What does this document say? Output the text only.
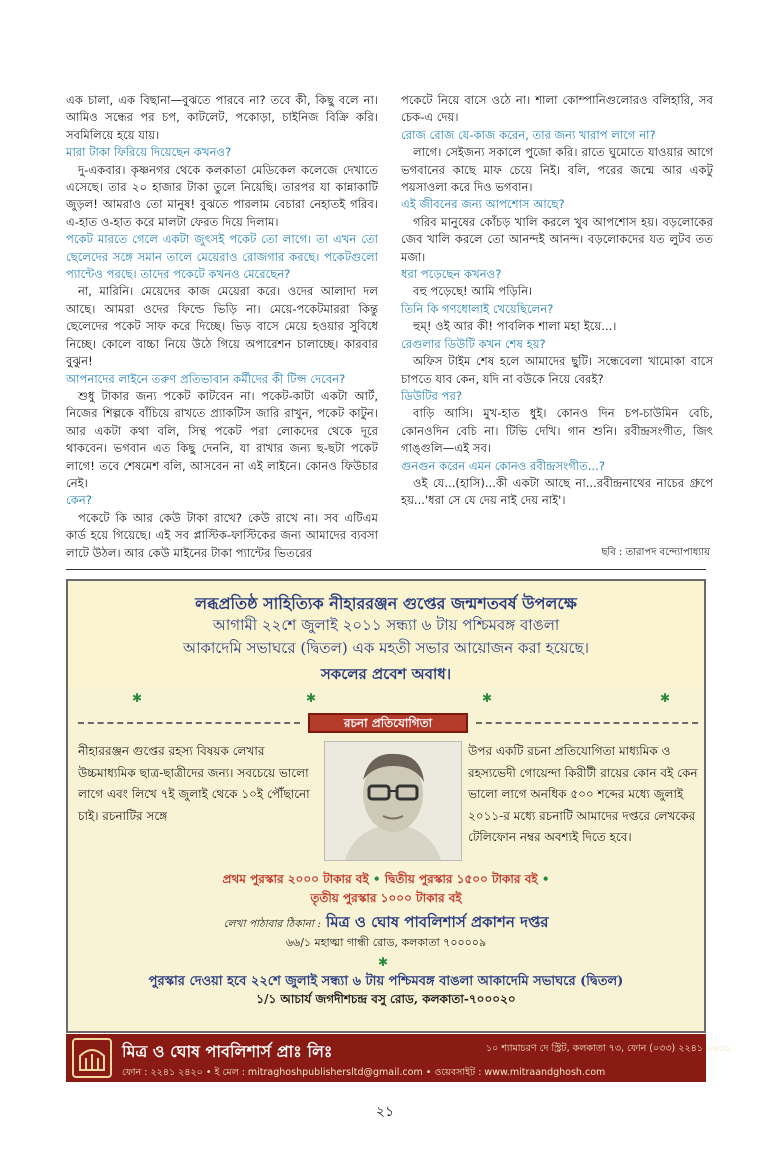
এক চালা, এক বিছানা—বুঝতে পারবে না? তবে কী, কিছু বলে না। আমিও সন্ধের পর চপ, কাটলেট, পকোড়া, চাইনিজ বিক্রি করি। সবমিলিয়ে হয়ে যায়।

মারা টাকা ফিরিয়ে দিয়েছেন কখনও?

দু-একবার। কৃষ্ণনগর থেকে কলকাতা মেডিকেল কলেজে দেখাতে এসেছে। তার ২০ হাজার টাকা তুলে নিয়েছি। তারপর যা কান্নাকাটি জুড়ল! আমরাও তো মানুষ! বুঝতে পারলাম বেচারা নেহাতই গরিব। এ-হাত ও-হাত করে মালটা ফেরত দিয়ে দিলাম।

পকেট মারতে গেলে একটা জুৎসই পকেট তো লাগে। তা এখন তো ছেলেদের সঙ্গে সমান তালে মেয়েরাও রোজগার করছে। পকেটগুলো প্যান্টেও পরছে। তাদের পকেটে কখনও মেরেছেন?

না, মারিনি। মেয়েদের কাজ মেয়েরা করে। ওদের আলাদা দল আছে। আমরা ওদের ফিল্ডে ভিড়ি না। মেয়ে-পকেটমাররা কিন্তু ছেলেদের পকেট সাফ করে দিচ্ছে। ভিড় বাসে মেয়ে হওয়ার সুবিধে নিচ্ছে। কোলে বাচ্চা নিয়ে উঠে গিয়ে অপারেশন চালাচ্ছে। কারবার বুঝুন!

আপনাদের লাইনে তরুণ প্রতিভাবান কর্মীদের কী টিপ্স দেবেন?

শুধু টাকার জন্য পকেট কাটবেন না। পকেট-কাটা একটা আর্ট, নিজের শিল্পকে বাঁচিয়ে রাখতে প্র্যাকটিস জারি রাখুন, পকেট কাটুন। আর একটা কথা বলি, সিন্থ পকেট পরা লোকদের থেকে দূরে থাকবেন। ভগবান এত কিছু দেননি, যা রাখার জন্য ছ-ছটা পকেট লাগে! তবে শেষমেশ বলি, আসবেন না এই লাইনে। কোনও ফিউচার নেই।

কেন?

পকেটে কি আর কেউ টাকা রাখে? কেউ রাখে না। সব এটিএম কার্ড হয়ে গিয়েছে। এই সব প্লাস্টিক-ফাস্টিকের জন্য আমাদের ব্যবসা লাটে উঠল। আর কেউ মাইনের টাকা প্যান্টের ভিতরের

পকেটে নিয়ে বাসে ওঠে না। শালা কোম্পানিগুলোরও বলিহারি, সব চেক-এ দেয়।

রোজ রোজ যে-কাজ করেন, তার জন্য খারাপ লাগে না?

লাগে। সেইজন্য সকালে পুজো করি। রাতে ঘুমোতে যাওয়ার আগে ভগবানের কাছে মাফ চেয়ে নিই। বলি, পরের জন্মে আর একটু পয়সাওলা করে দিও ভগবান।

এই জীবনের জন্য আপশোস আছে?

গরিব মানুষের কোঁচড় খালি করলে খুব আপশোস হয়। বড়লোকের জেব খালি করলে তো আনন্দই আনন্দ। বড়লোকদের যত লুটব তত মজা।

ধরা পড়েছেন কখনও?

বহু পড়েছে! আমি পড়িনি।

তিনি কি গণধোলাই খেয়েছিলেন?

হুম্‌! ওই আর কী! পাবলিক শালা মহা ইয়ে...।

রেগুলার ডিউটি কখন শেষ হয়?

অফিস টাইম শেষ হলে আমাদের ছুটি। সন্ধেবেলা খামোকা বাসে চাপতে যাব কেন, যদি না বউকে নিয়ে বেরই?

ডিউটির পর?

বাড়ি আসি। মুখ-হাত ধুই। কোনও দিন চপ-চাউমিন বেচি, কোনওদিন বেচি না। টিভি দেখি। গান শুনি। রবীন্দ্রসংগীত, জিৎ গাঙ্গুলি—এই সব।

গুনগুন করেন এমন কোনও রবীন্দ্রসংগীত...?

ওই যে...(হাসি)...কী একটা আছে না...রবীন্দ্রনাথের নাচের গ্রুপে হয়...'ধরা সে যে দেয় নাই দেয় নাই'।

ছবি : তারাপদ বন্দ্যোপাধ্যায়
লব্ধপ্রতিষ্ঠ সাহিত্যিক নীহাররঞ্জন গুপ্তের জন্মশতবর্ষ উপলক্ষে
আগামী ২২শে জুলাই ২০১১ সন্ধ্যা ৬ টায় পশ্চিমবঙ্গ বাঙলা
আকাদেমি সভাঘরে (দ্বিতল) এক মহতী সভার আয়োজন করা হয়েছে।
সকলের প্রবেশ অবাধ।
✱	✱	✱	✱
রচনা প্রতিযোগিতা
নীহাররঞ্জন গুপ্তের রহস্য বিষয়ক লেখার উচ্চমাধ্যমিক ছাত্র-ছাত্রীদের জন্য। সবচেয়ে ভালো লাগে এবং লিখে ৭ই জুলাই থেকে ১০ই পৌঁছানো চাই। রচনাটির সঙ্গে
উপর একটি রচনা প্রতিযোগিতা মাধ্যমিক ও রহস্যভেদী গোয়েন্দা কিরীটী রায়ের কোন বই কেন ভালো লাগে অনধিক ৫০০ শব্দের মধ্যে জুলাই ২০১১-র মধ্যে রচনাটি আমাদের দপ্তরে লেখকের টেলিফোন নম্বর অবশ্যই দিতে হবে।
প্রথম পুরস্কার ২০০০ টাকার বই • দ্বিতীয় পুরস্কার ১৫০০ টাকার বই •
তৃতীয় পুরস্কার ১০০০ টাকার বই
লেখা পাঠাবার ঠিকানা : মিত্র ও ঘোষ পাবলিশার্স প্রকাশন দপ্তর
৬৬/১ মহাত্মা গান্ধী রোড, কলকাতা ৭০০০০৯
✱
পুরস্কার দেওয়া হবে ২২শে জুলাই সন্ধ্যা ৬ টায় পশ্চিমবঙ্গ বাঙলা আকাদেমি সভাঘরে (দ্বিতল)
১/১ আচার্য জগদীশচন্দ্র বসু রোড, কলকাতা-৭০০০২০
মিত্র ও ঘোষ পাবলিশার্স প্রাঃ লিঃ	১০ শ্যামাচরণ দে স্ট্রিট, কলকাতা ৭৩, ফোন (০৩৩) ২২৪১ ৯৬৩১
ফোন : ২২৪১ ২৪২০ • ই মেল : mitraghoshpublishersltd@gmail.com • ওয়েবসাইট : www.mitraandghosh.com
২১
